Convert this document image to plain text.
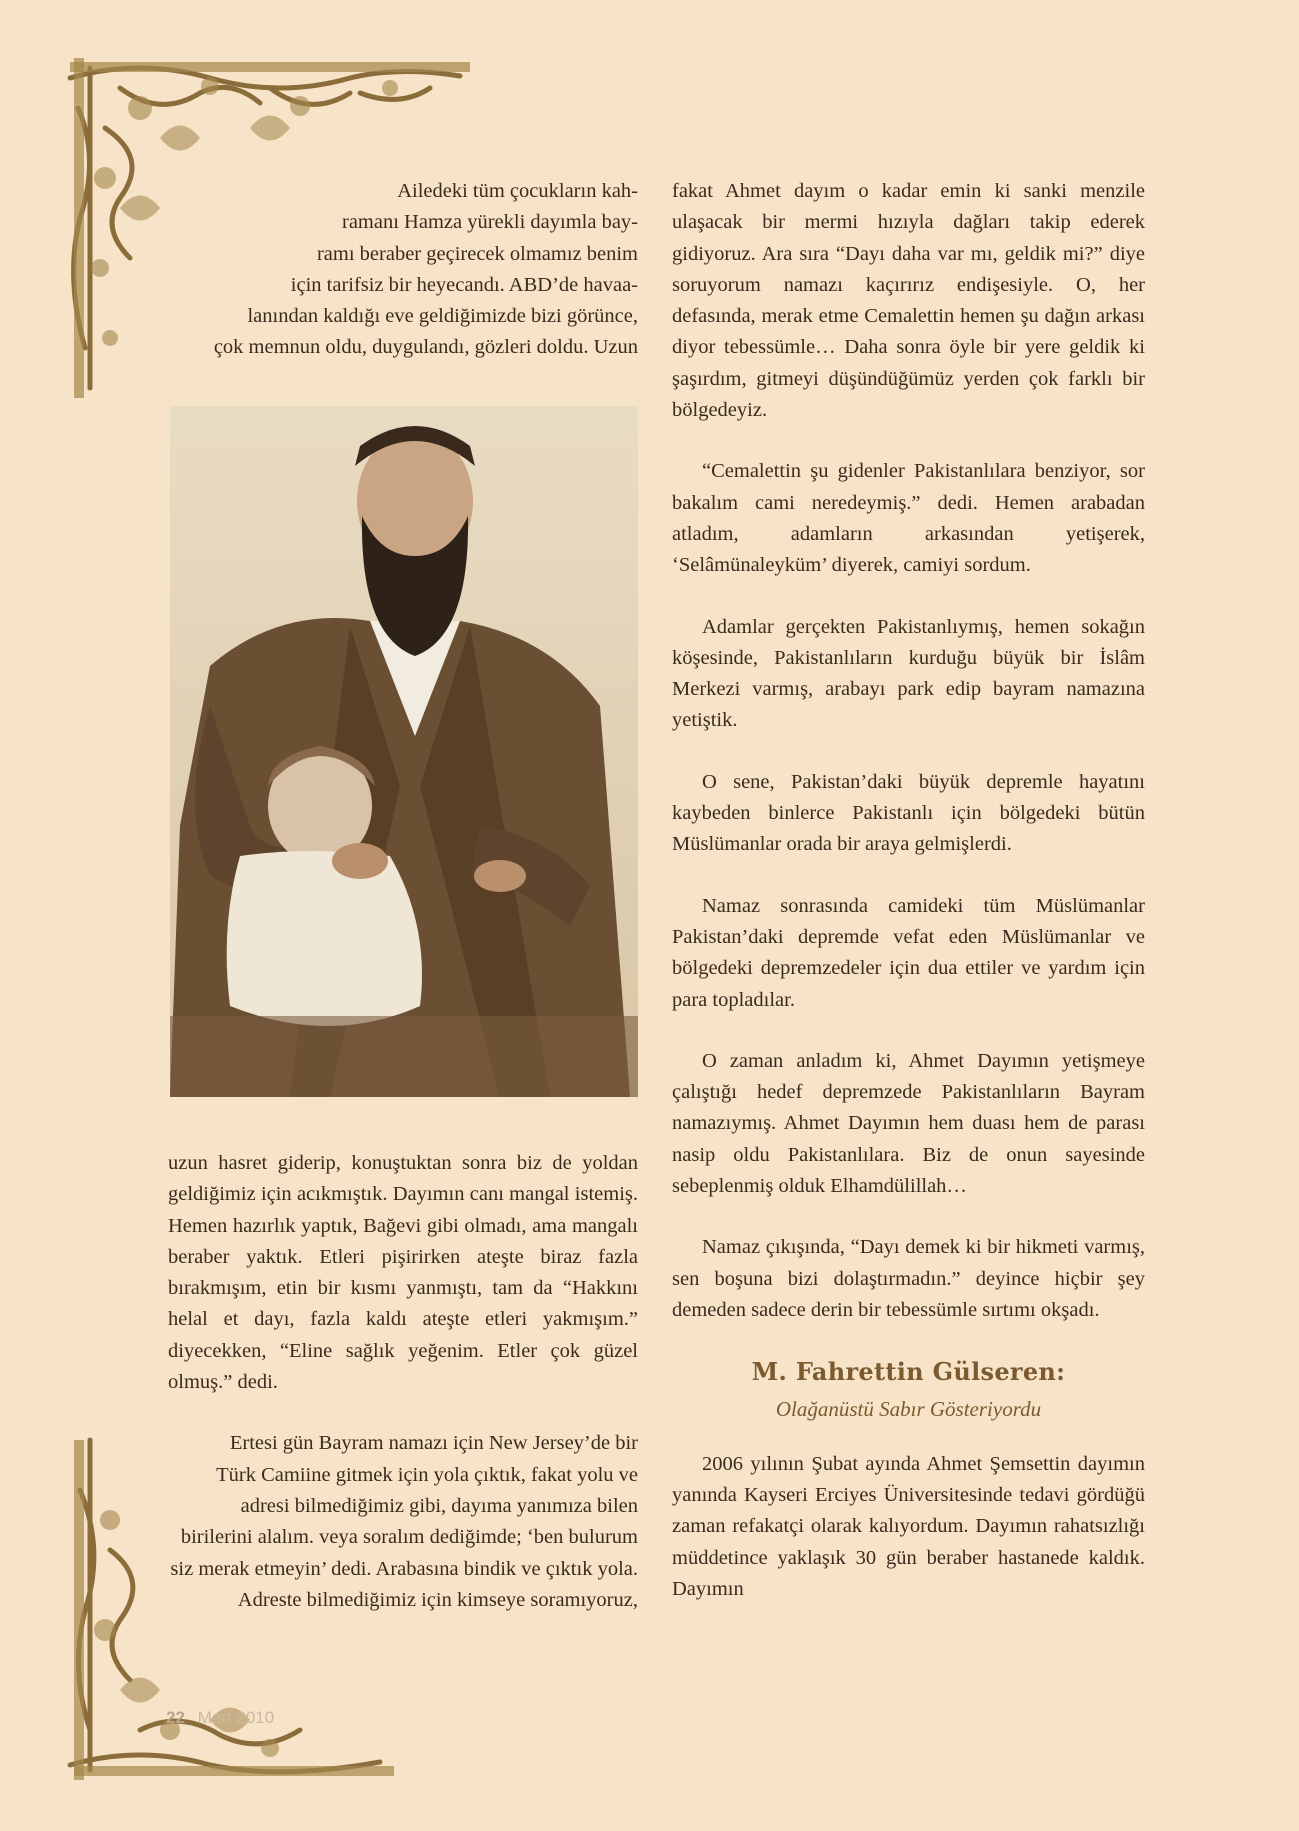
Ailedeki tüm çocukların kah-
ramanı Hamza yürekli dayımla bay-
ramı beraber geçirecek olmamız benim
için tarifsiz bir heyecandı. ABD’de havaa-
lanından kaldığı eve geldiğimizde bizi görünce,
çok memnun oldu, duygulandı, gözleri doldu. Uzun

uzun hasret giderip, konuştuktan sonra biz de yoldan geldiğimiz için acıkmıştık. Dayımın canı mangal istemiş. Hemen hazırlık yaptık, Bağevi gibi olmadı, ama mangalı beraber yaktık. Etleri pişirirken ateşte biraz fazla bırakmışım, etin bir kısmı yanmıştı, tam da “Hakkını helal et dayı, fazla kaldı ateşte etleri yakmışım.” diyecekken, “Eline sağlık yeğenim. Etler çok güzel olmuş.” dedi.

Ertesi gün Bayram namazı için New Jersey’de bir Türk Camiine gitmek için yola çıktık, fakat yolu ve adresi bilmediğimiz gibi, dayıma yanımıza bilen birilerini alalım. veya soralım dediğimde; ‘ben bulurum siz merak etmeyin’ dedi. Arabasına bindik ve çıktık yola. Adreste bilmediğimiz için kimseye soramıyoruz,

fakat Ahmet dayım o kadar emin ki sanki menzile ulaşacak bir mermi hızıyla dağları takip ederek gidiyoruz. Ara sıra “Dayı daha var mı, geldik mi?” diye soruyorum namazı kaçırırız endişesiyle. O, her defasında, merak etme Cemalettin hemen şu dağın arkası diyor tebessümle… Daha sonra öyle bir yere geldik ki şaşırdım, gitmeyi düşündüğümüz yerden çok farklı bir bölgedeyiz.

“Cemalettin şu gidenler Pakistanlılara benziyor, sor bakalım cami neredeymiş.” dedi. Hemen arabadan atladım, adamların arkasından yetişerek, ‘Selâmünaleyküm’ diyerek, camiyi sordum.

Adamlar gerçekten Pakistanlıymış, hemen sokağın köşesinde, Pakistanlıların kurduğu büyük bir İslâm Merkezi varmış, arabayı park edip bayram namazına yetiştik.

O sene, Pakistan’daki büyük depremle hayatını kaybeden binlerce Pakistanlı için bölgedeki bütün Müslümanlar orada bir araya gelmişlerdi.

Namaz sonrasında camideki tüm Müslümanlar Pakistan’daki depremde vefat eden Müslümanlar ve bölgedeki depremzedeler için dua ettiler ve yardım için para topladılar.

O zaman anladım ki, Ahmet Dayımın yetişmeye çalıştığı hedef depremzede Pakistanlıların Bayram namazıymış. Ahmet Dayımın hem duası hem de parası nasip oldu Pakistanlılara. Biz de onun sayesinde sebeplenmiş olduk Elhamdülillah…

Namaz çıkışında, “Dayı demek ki bir hikmeti varmış, sen boşuna bizi dolaştırmadın.” deyince hiçbir şey demeden sadece derin bir tebessümle sırtımı okşadı.

M. Fahrettin Gülseren:
Olağanüstü Sabır Gösteriyordu

2006 yılının Şubat ayında Ahmet Şemsettin dayımın yanında Kayseri Erciyes Üniversitesinde tedavi gördüğü zaman refakatçi olarak kalıyordum. Dayımın rahatsızlığı müddetince yaklaşık 30 gün beraber hastanede kaldık. Dayımın

22 Mart 2010
